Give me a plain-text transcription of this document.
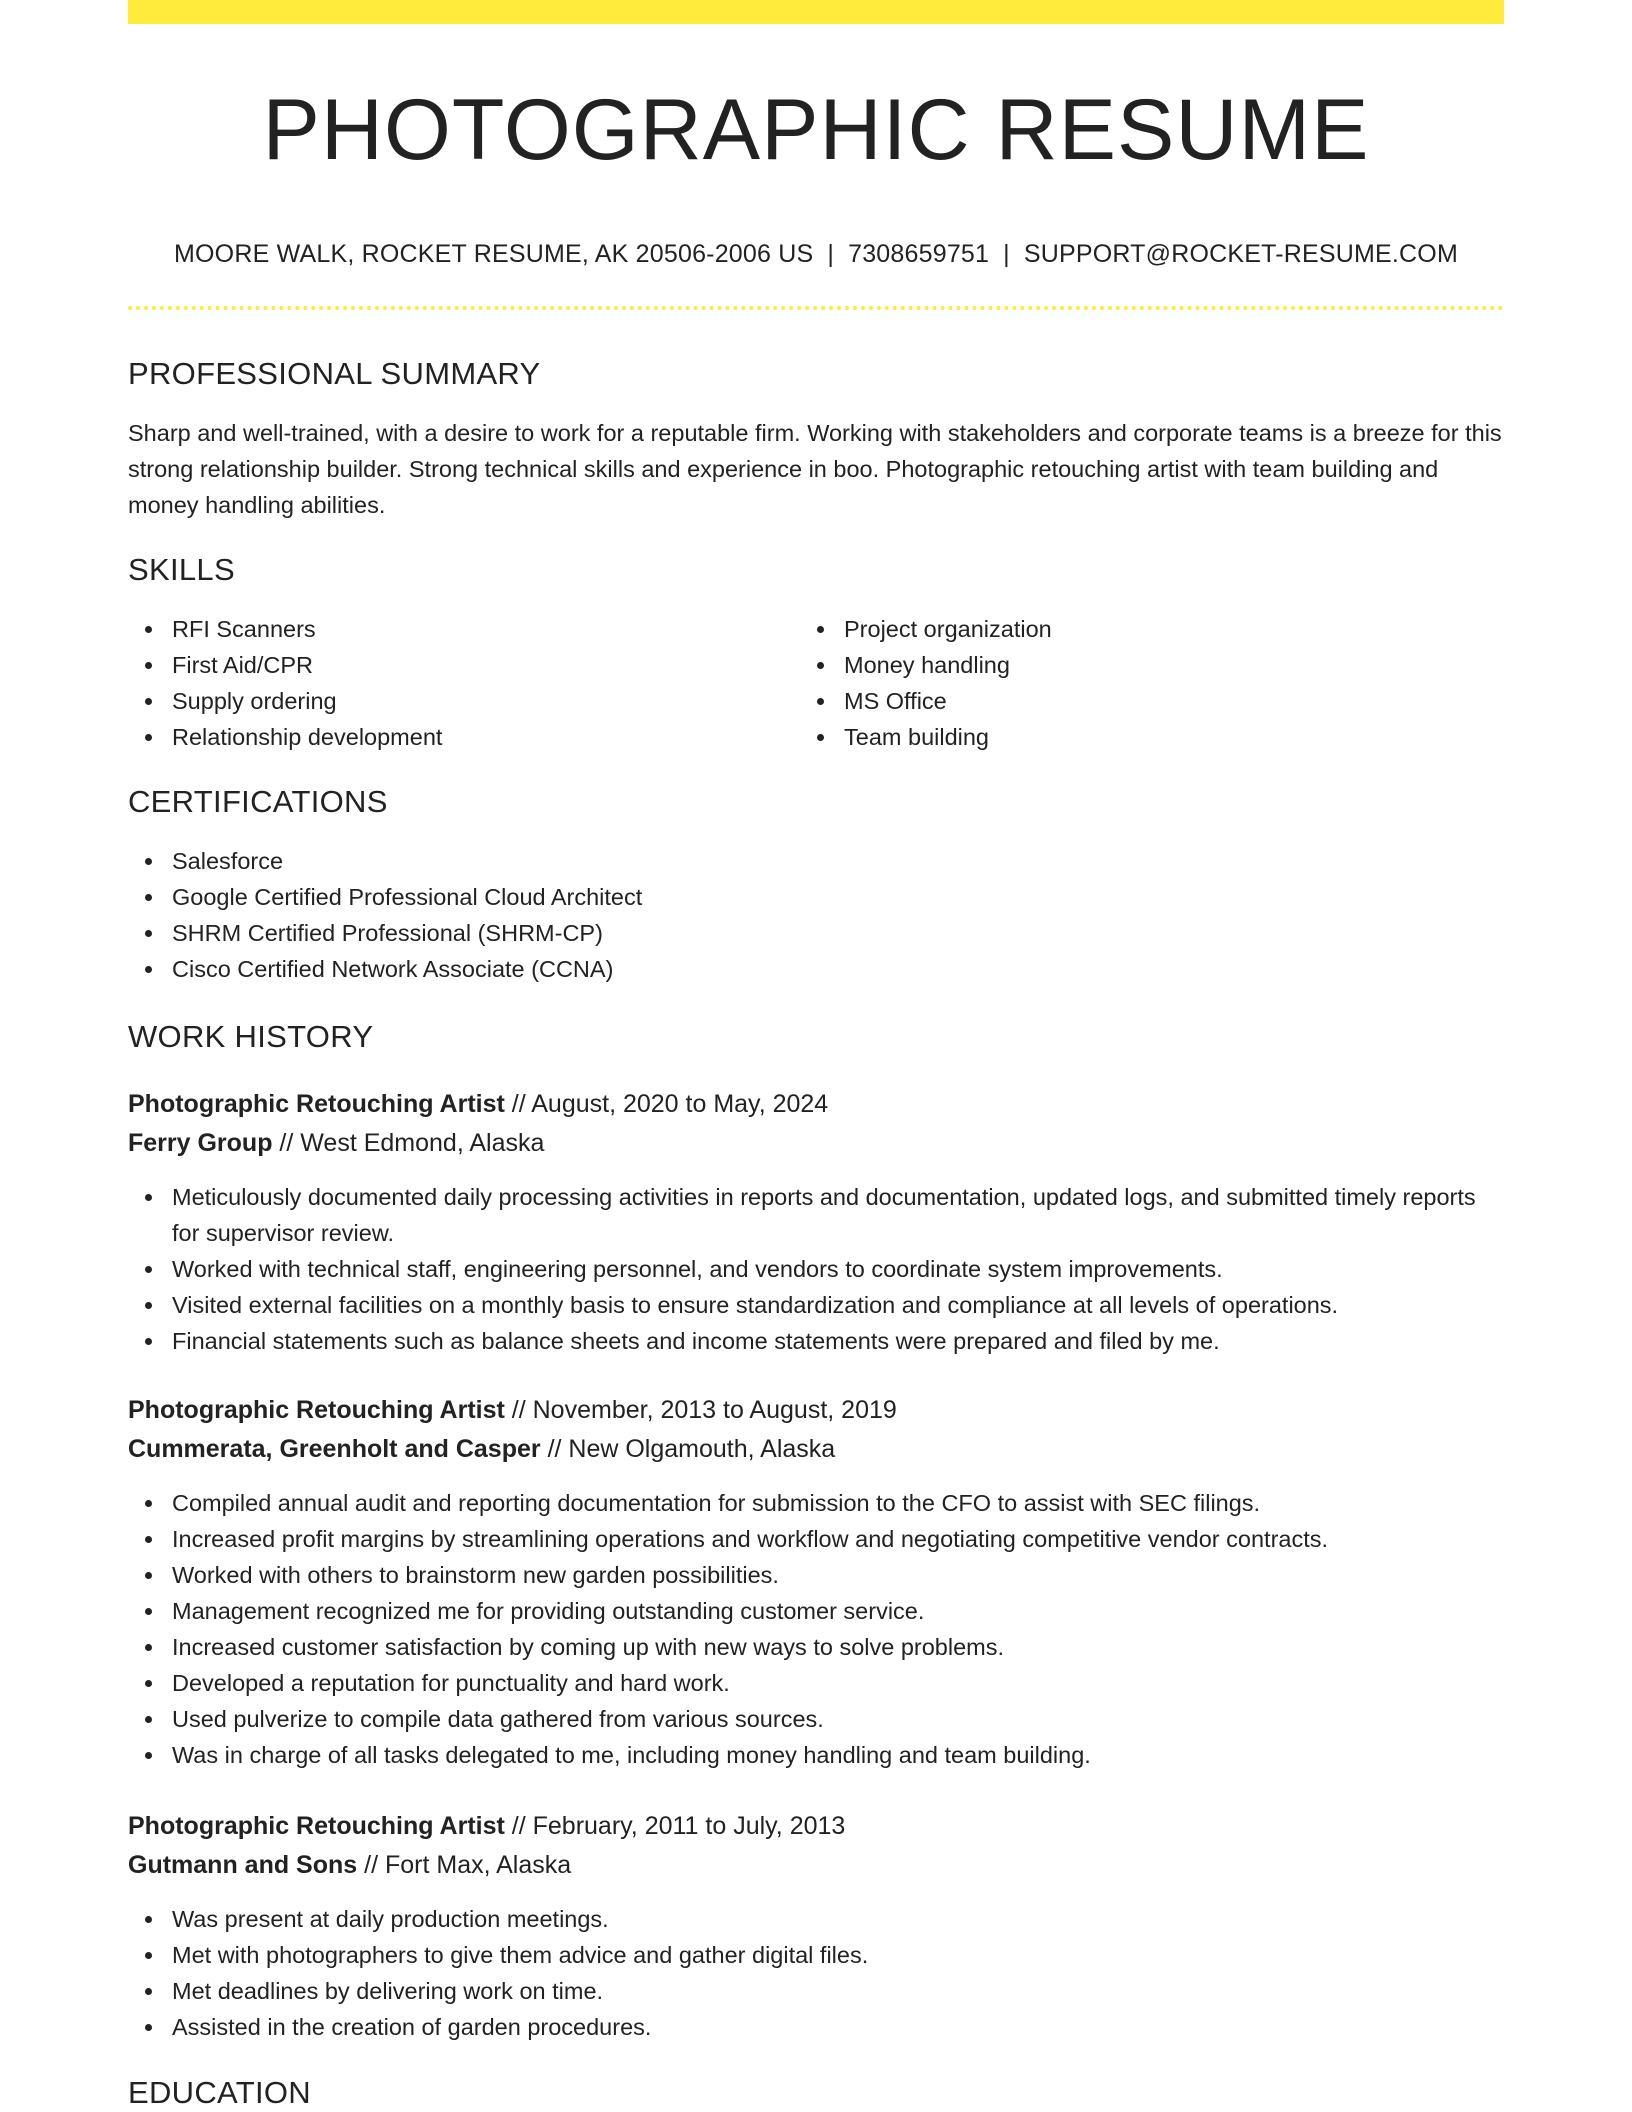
PHOTOGRAPHIC RESUME
MOORE WALK, ROCKET RESUME, AK 20506-2006 US | 7308659751 | SUPPORT@ROCKET-RESUME.COM
PROFESSIONAL SUMMARY

Sharp and well-trained, with a desire to work for a reputable firm. Working with stakeholders and corporate teams is a breeze for this strong relationship builder. Strong technical skills and experience in boo. Photographic retouching artist with team building and money handling abilities.

SKILLS
RFI Scanners
First Aid/CPR
Supply ordering
Relationship development
Project organization
Money handling
MS Office
Team building
CERTIFICATIONS
Salesforce
Google Certified Professional Cloud Architect
SHRM Certified Professional (SHRM-CP)
Cisco Certified Network Associate (CCNA)
WORK HISTORY
Photographic Retouching Artist // August, 2020 to May, 2024
Ferry Group // West Edmond, Alaska
Meticulously documented daily processing activities in reports and documentation, updated logs, and submitted timely reports for supervisor review.
Worked with technical staff, engineering personnel, and vendors to coordinate system improvements.
Visited external facilities on a monthly basis to ensure standardization and compliance at all levels of operations.
Financial statements such as balance sheets and income statements were prepared and filed by me.
Photographic Retouching Artist // November, 2013 to August, 2019
Cummerata, Greenholt and Casper // New Olgamouth, Alaska
Compiled annual audit and reporting documentation for submission to the CFO to assist with SEC filings.
Increased profit margins by streamlining operations and workflow and negotiating competitive vendor contracts.
Worked with others to brainstorm new garden possibilities.
Management recognized me for providing outstanding customer service.
Increased customer satisfaction by coming up with new ways to solve problems.
Developed a reputation for punctuality and hard work.
Used pulverize to compile data gathered from various sources.
Was in charge of all tasks delegated to me, including money handling and team building.
Photographic Retouching Artist // February, 2011 to July, 2013
Gutmann and Sons // Fort Max, Alaska
Was present at daily production meetings.
Met with photographers to give them advice and gather digital files.
Met deadlines by delivering work on time.
Assisted in the creation of garden procedures.
EDUCATION
